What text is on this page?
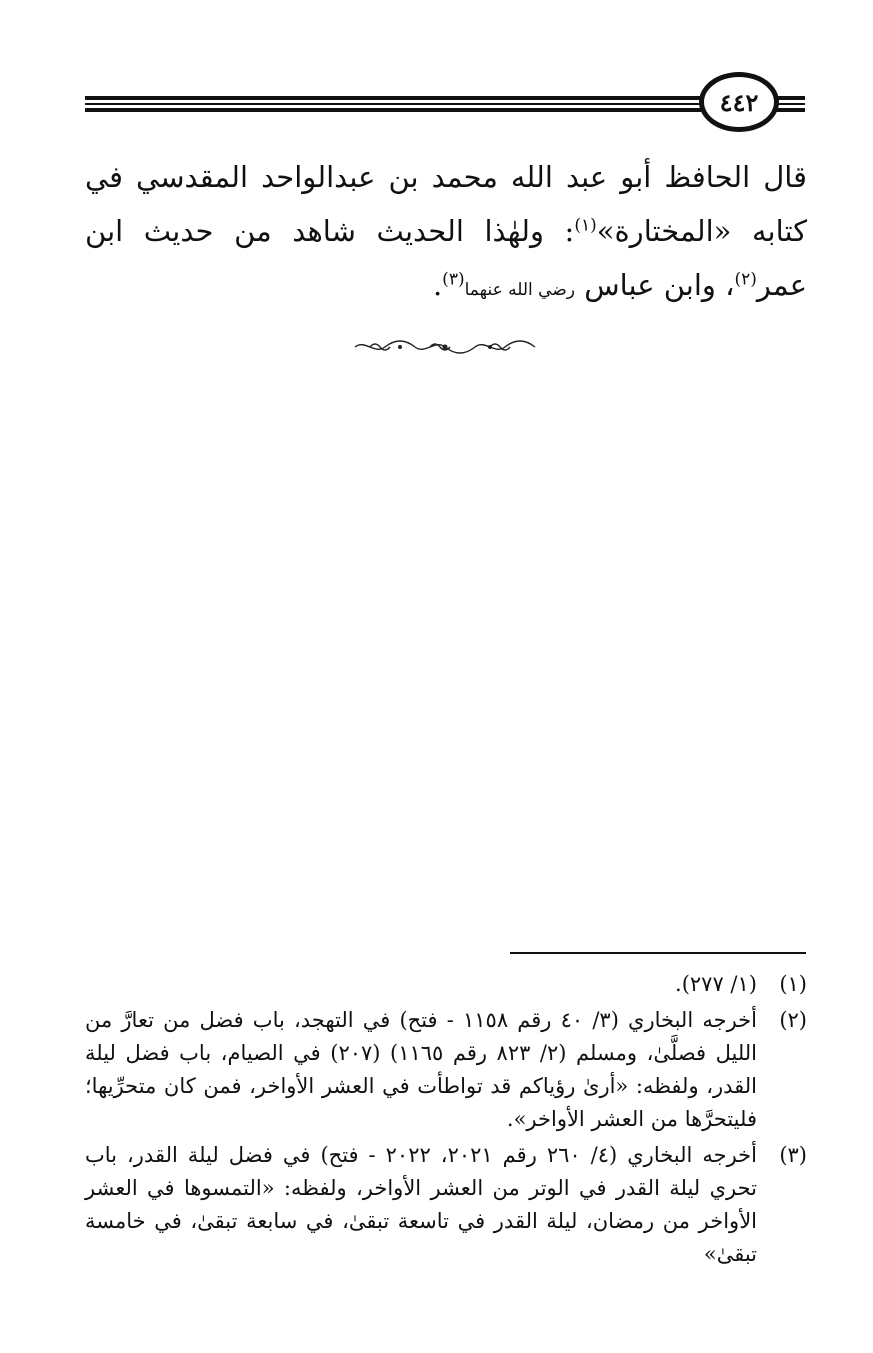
٤٤٢
قال الحافظ أبو عبد الله محمد بن عبدالواحد المقدسي في كتابه «المختارة»$^{(١)}$: ولهٰذا الحديث شاهد من حديث ابن عمر$^{(٢)}$، وابن عباس رضي الله عنهما$^{(٣)}$.
(١)
(١/ ٢٧٧).
(٢)
أخرجه البخاري (٣/ ٤٠ رقم ١١٥٨ - فتح) في التهجد، باب فضل من تعارَّ من الليل فصلَّىٰ، ومسلم (٢/ ٨٢٣ رقم ١١٦٥) (٢٠٧) في الصيام، باب فضل ليلة القدر، ولفظه: «أرىٰ رؤياكم قد تواطأت في العشر الأواخر، فمن كان متحرِّيها؛ فليتحرَّها من العشر الأواخر».
(٣)
أخرجه البخاري (٤/ ٢٦٠ رقم ٢٠٢١، ٢٠٢٢ - فتح) في فضل ليلة القدر، باب تحري ليلة القدر في الوتر من العشر الأواخر، ولفظه: «التمسوها في العشر الأواخر من رمضان، ليلة القدر في تاسعة تبقىٰ، في سابعة تبقىٰ، في خامسة تبقىٰ»
